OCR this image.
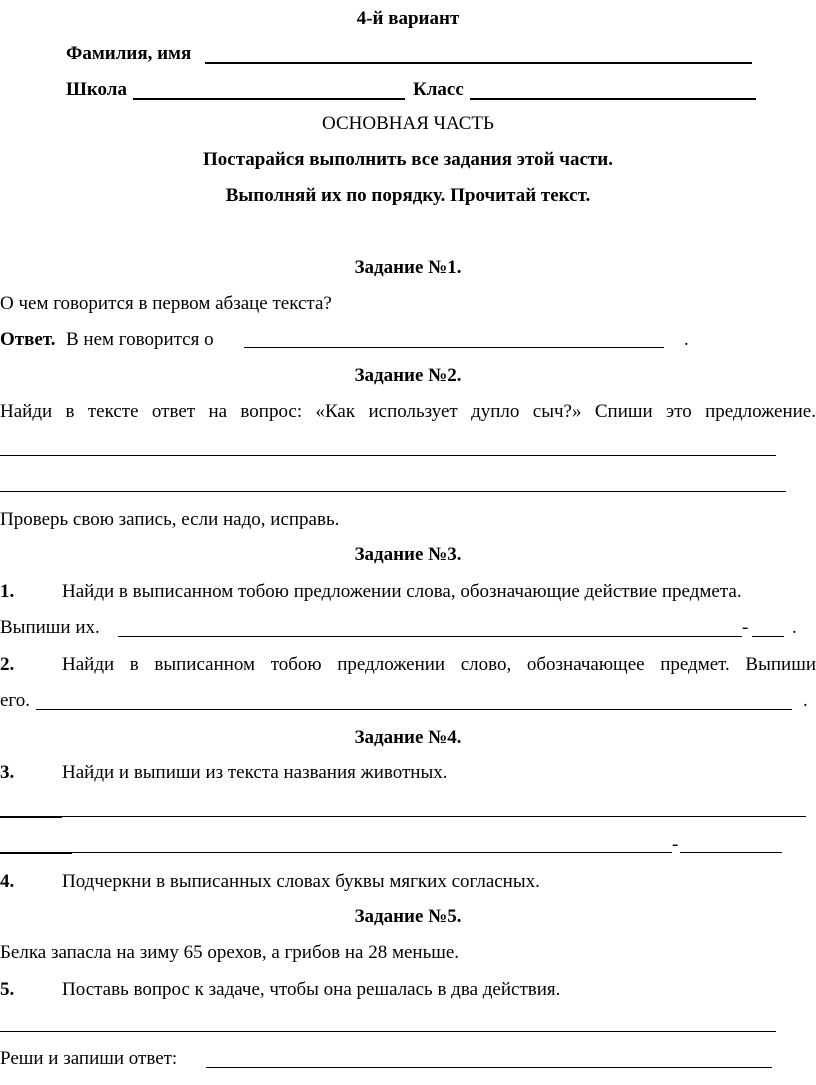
4-й вариант
Фамилия, имя
Школа	Класс
ОСНОВНАЯ ЧАСТЬ
Постарайся выполнить все задания этой части.
Выполняй их по порядку. Прочитай текст.
Задание №1.
О чем говорится в первом абзаце текста?
Ответ. В нем говорится о	.
Задание №2.
Найди в тексте ответ на вопрос: «Как использует дупло сыч?» Спиши это предложение.
Проверь свою запись, если надо, исправь.
Задание №3.
1.	Найди в выписанном тобою предложении слова, обозначающие действие предмета.
Выпиши их.	- .
2.	Найди в выписанном тобою предложении слово, обозначающее предмет. Выпиши
его.	.
Задание №4.
3.	Найди и выпиши из текста названия животных.
-
4.	Подчеркни в выписанных словах буквы мягких согласных.
Задание №5.
Белка запасла на зиму 65 орехов, а грибов на 28 меньше.
5.	Поставь вопрос к задаче, чтобы она решалась в два действия.
Реши и запиши ответ:
